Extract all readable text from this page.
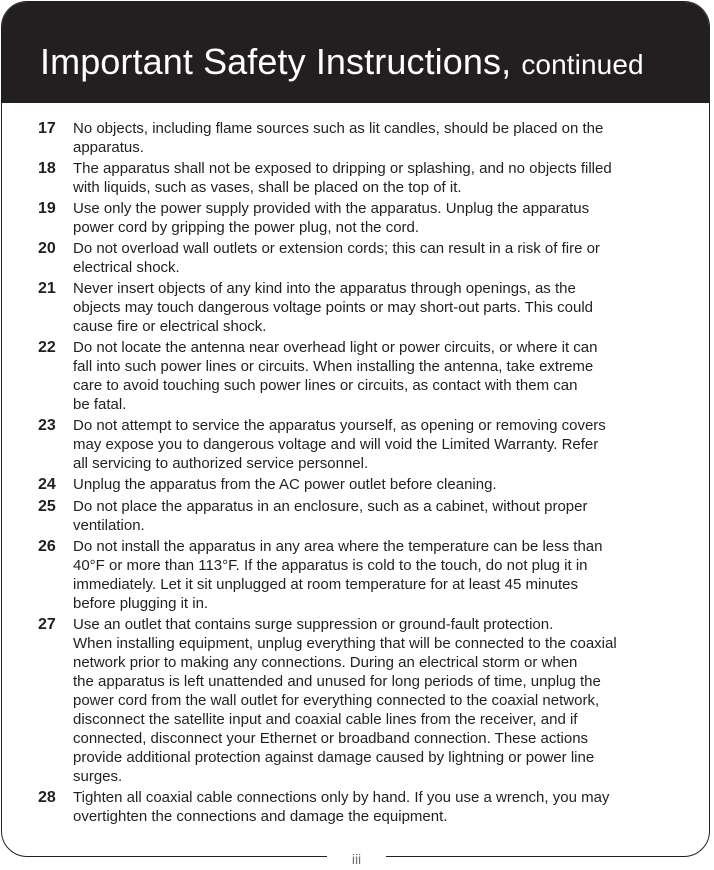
Important Safety Instructions, continued
17	No objects, including flame sources such as lit candles, should be placed on the
apparatus.
18	The apparatus shall not be exposed to dripping or splashing, and no objects filled
with liquids, such as vases, shall be placed on the top of it.
19	Use only the power supply provided with the apparatus. Unplug the apparatus
power cord by gripping the power plug, not the cord.
20	Do not overload wall outlets or extension cords; this can result in a risk of fire or
electrical shock.
21	Never insert objects of any kind into the apparatus through openings, as the
objects may touch dangerous voltage points or may short-out parts. This could
cause fire or electrical shock.
22	Do not locate the antenna near overhead light or power circuits, or where it can
fall into such power lines or circuits. When installing the antenna, take extreme
care to avoid touching such power lines or circuits, as contact with them can
be fatal.
23	Do not attempt to service the apparatus yourself, as opening or removing covers
may expose you to dangerous voltage and will void the Limited Warranty. Refer
all servicing to authorized service personnel.
24	Unplug the apparatus from the AC power outlet before cleaning.
25	Do not place the apparatus in an enclosure, such as a cabinet, without proper
ventilation.
26	Do not install the apparatus in any area where the temperature can be less than
40°F or more than 113°F. If the apparatus is cold to the touch, do not plug it in
immediately. Let it sit unplugged at room temperature for at least 45 minutes
before plugging it in.
27	Use an outlet that contains surge suppression or ground-fault protection.
When installing equipment, unplug everything that will be connected to the coaxial
network prior to making any connections. During an electrical storm or when
the apparatus is left unattended and unused for long periods of time, unplug the
power cord from the wall outlet for everything connected to the coaxial network,
disconnect the satellite input and coaxial cable lines from the receiver, and if
connected, disconnect your Ethernet or broadband connection. These actions
provide additional protection against damage caused by lightning or power line
surges.
28	Tighten all coaxial cable connections only by hand. If you use a wrench, you may
overtighten the connections and damage the equipment.
iii
